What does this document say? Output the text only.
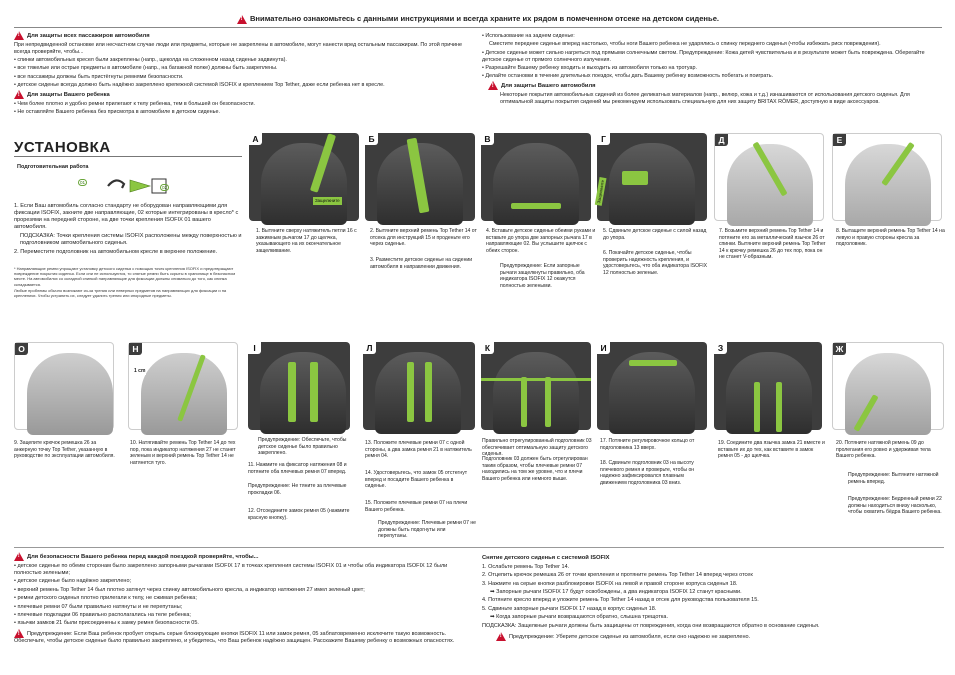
!Внимательно ознакомьтесь с данными инструкциями и всегда храните их рядом в помеченном отсеке на детском сиденье.

!Для защиты всех пассажиров автомобиля

При непредвиденной остановке или несчастном случае люди или предметы, которые не закреплены в автомобиле, могут нанести вред остальным пассажирам. По этой причине всегда проверяйте, чтобы...

• спинки автомобильных кресел были закреплены (напр., щеколда на сложенном назад сиденье задвинута).

• все тяжелые или острые предметы в автомобиле (напр., на багажной полке) должны быть закреплены.

• все пассажиры должны быть пристёгнуты ремнями безопасности.

• детское сиденье всегда должно быть надёжно закреплено крепежной системой ISOFIX и креплением Top Tether, даже если ребенка нет в кресле.

!Для защиты Вашего ребенка

• Чем более плотно и удобно ремни прилегают к телу ребенка, тем в большей он безопасности.

• Не оставляйте Вашего ребенка без присмотра в автомобиле в детском сиденье.

• Использование на заднем сиденье:

Сместите переднее сиденье вперед настолько, чтобы ноги Вашего ребенка не ударялись о спинку переднего сиденья (чтобы избежать риск повреждения).

• Детское сиденье может сильно нагреться под прямыми солнечными светом. Предупреждение: Кожа детей чувствительна и в результате может быть повреждена. Оберегайте детское сиденье от прямого солнечного излучения.

• Разрешайте Вашему ребенку входить и выходить из автомобиля только на тротуар.

• Делайте остановки в течение длительных поездок, чтобы дать Вашему ребенку возможность побегать и поиграть.

!Для защиты Вашего автомобиля

Некоторые покрытия автомобильных сидений из более деликатных материалов (напр., велюр, кожа и т.д.) изнашиваются от использования детского сиденья. Для оптимальной защиты покрытия сидений мы рекомендуем использовать специальную для них защиту BRITAX RÖMER, доступную в виде аксессуаров.

УСТАНОВКА
Подготовительная работа
01
02

1. Если Ваш автомобиль согласно стандарту не оборудован направляющими для фиксации ISOFIX, закните две направляющие, 02 которые интегрированы в кресло* с прорезями на передней стороне, на две точки крепления ISOFIX 01 вашего автомобиля.

ПОДСКАЗКА: Точки крепления системы ISOFIX расположены между поверхностью и подголовником автомобильного сиденья.

2. Переместите подголовник на автомобильном кресле в верхнее положение.

* Направляющие ремни упрощают установку детского сиденья с помощью точек крепления ISOFIX и предотвращают повреждение покрытия сиденья. Если они не используются, то снятые ремни быть скрыты в хранилище в безопасном месте. На автомобилях со складной спинкой направляющие для фиксации должны сниматься до того, как спинка складывается.

Любые проблемы обычно возникают из-за трения или неверных предметов на направляющих для фиксации и на креплениях. Чтобы устранить их, следует удалить трения или инородные предметы.

А
Защелкните
Б	В	Г
Защелкните
Д	Е
1. Вытяните сверху натяжитель петли 16 с зажимным рычагом 17 до щелчка, указывающего на их окончательное защелкивание.
2. Вытяните верхний ремень Top Tether 14 от отсека для инструкций 15 и проденьте его через сиденье.
3. Разместите детское сиденье на сидении автомобиля в направлении движения.
4. Вставьте детское сиденье обеими руками и вставьте до упора две запорных рычага 17 в направляющие 02. Вы услышите щелчок с обеих сторон.
Предупреждение: Если запорные рычаги защелкнуты правильно, оба индикатора ISOFIX 12 окажутся полностью зелеными.
5. Сдвиньте детское сиденье с силой назад до упора.
6. Покачайте детское сиденье, чтобы проверить надежность крепления, и удостоверьтесь, что оба индикатора ISOFIX 12 полностью зеленые.
7. Возьмите верхний ремень Top Tether 14 и потяните его за металлический язычок 26 от спинки. Вытяните верхний ремень Top Tether 14 к крючку ремешка 26 до тех пор, пока он не станет V-образным.
8. Вытащите верхний ремень Top Tether 14 на левую и правую стороны кресла за подголовник.
О	Н
1 cm
І	Л	К	И	З	Ж
9. Зацепите крючок ремешка 26 за анкерную точку Top Tether, указанную в руководстве по эксплуатации автомобиля.
10. Натягивайте ремень Top Tether 14 до тех пор, пока индикатор натяжения 27 не станет зеленым и верхний ремень Top Tether 14 не натянется туго.
Предупреждение: Обеспечьте, чтобы детское сиденье было правильно закреплено.
11. Нажмите на фиксатор натяжения 08 и потяните оба плечевых ремня 07 вперед.
Предупреждение: Не тяните за плечевые прокладки 06.
12. Отсоедините замок ремня 05 (нажмите красную кнопку).
13. Положите плечевые ремни 07 с одной стороны, а два замка ремня 21 в натяжитель ремня 04.
14. Удостоверьтесь, что замок 05 отстегнут вперед и посадите Вашего ребенка в сиденье.
15. Положите плечевые ремни 07 на плечи Вашего ребенка.
Предупреждение: Плечевые ремни 07 не должны быть подогнуты или перепутаны.
Правильно отрегулированный подголовник 03 обеспечивает оптимальную защиту детского сиденья.
Подголовник 03 должен быть отрегулирован таким образом, чтобы плечевые ремни 07 находились на том же уровне, что и плечи Вашего ребенка или немного выше.
17. Потяните регулировочное кольцо от подголовника 13 вверх.
18. Сдвиньте подголовник 03 на высоту плечевого ремня и проверьте, чтобы он надежно зафиксировался плавным движением подголовника 03 вниз.
19. Соедините два язычка замка 21 вместе и вставьте их до тех, как вставите в замок ремня 05 - до щелчка.
20. Потяните натяжной ремень 09 до пролегания его ровно и удерживая тела Вашего ребенка.
Предупреждение: Вытяните натяжной ремень вперед.
Предупреждение: Бедренный ремни 22 должны находиться внизу насколько, чтобы охватить бёдра Вашего ребенка.

!Для безопасности Вашего ребенка перед каждой поездкой проверяйте, чтобы...

• детское сиденье по обеим сторонам было закреплено запорными рычагами ISOFIX 17 в точках крепления системы ISOFIX 01 и чтобы оба индикатора ISOFIX 12 были полностью зелеными;

• детское сиденье было надёжно закреплено;

• верхний ремень Top Tether 14 был плотно затянут через спинку автомобильного кресла, а индикатор натяжения 27 имел зеленый цвет;

• ремни детского сиденья плотно прилегали к телу, не сжимая ребенка;

• плечевые ремни 07 были правильно натянуты и не перепутаны;

• плечевые подкладки 06 правильно располагались на теле ребенка;

• язычки замков 21 были присоединены к замку ремня безопасности 05.

!Предупреждение: Если Ваш ребенок пробует открыть серые блокирующие кнопки ISOFIX 11 или замок ремня, 05 забпатовременно исключите такую возможность. Обеспечьте, чтобы детское сиденье было правильно закреплено, и убедитесь, что Ваш ребенок надёжно защищен. Расскажите Вашему ребенку о возможных опасностях.

Снятие детского сиденья с системой ISOFIX

1. Ослабьте ремень Top Tether 14.

2. Отцепить крючок ремешка 26 от точки крепления и протяните ремень Top Tether 14 вперед через отсек

3. Нажмите на серые кнопки разблокировки ISOFIX на левой и правой стороне корпуса сиденья 18.

➡ Запорные рычаги ISOFIX 17 будут освобождены, а два индикатора ISOFIX 12 станут красными.

4. Потяните кресло вперед и уложите ремень Top Tether 14 назад в отсек для руководства пользователя 15.

5. Сдвиньте запорные рычаги ISOFIX 17 назад в корпус сиденья 18.

➡ Когда запорные рычаги возвращаются обратно, слышна трещотка.

ПОДСКАЗКА: Защелкные рычаги должны быть защищены от повреждения, когда они возвращаются обратно в основание сиденья.

!Предупреждение: Уберите детское сиденье из автомобиля, если оно надежно не закреплено.
